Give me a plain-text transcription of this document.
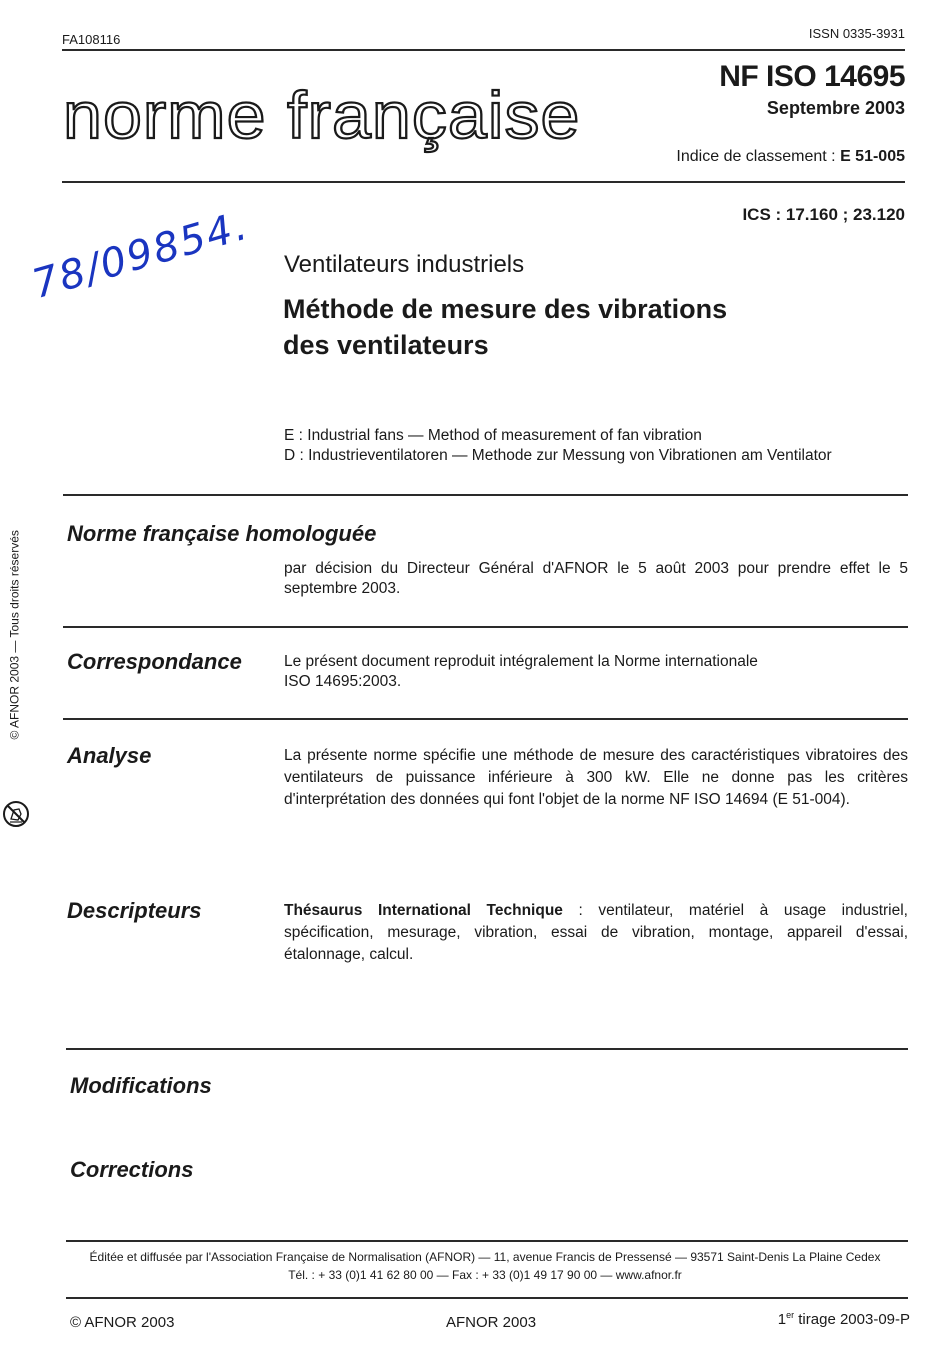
FA108116	ISSN 0335-3931
norme française
NF ISO 14695
Septembre 2003
Indice de classement : E 51-005
ICS : 17.160 ; 23.120
78/09854. Ventilateurs industriels
Méthode de mesure des vibrations
des ventilateurs
E : Industrial fans — Method of measurement of fan vibration
D : Industrieventilatoren — Methode zur Messung von Vibrationen am Ventilator
Norme française homologuée
par décision du Directeur Général d'AFNOR le 5 août 2003 pour prendre effet le 5 septembre 2003.
Correspondance	Le présent document reproduit intégralement la Norme internationale
ISO 14695:2003.
Analyse	La présente norme spécifie une méthode de mesure des caractéristiques vibratoires des ventilateurs de puissance inférieure à 300 kW. Elle ne donne pas les critères d'interprétation des données qui font l'objet de la norme NF ISO 14694 (E 51-004).
Descripteurs	Thésaurus International Technique : ventilateur, matériel à usage industriel, spécification, mesurage, vibration, essai de vibration, montage, appareil d'essai, étalonnage, calcul.
Modifications
Corrections
Éditée et diffusée par l'Association Française de Normalisation (AFNOR) — 11, avenue Francis de Pressensé — 93571 Saint-Denis La Plaine Cedex
Tél. : + 33 (0)1 41 62 80 00 — Fax : + 33 (0)1 49 17 90 00 — www.afnor.fr
© AFNOR 2003	AFNOR 2003	1er tirage 2003-09-P
© AFNOR 2003 — Tous droits réservés
